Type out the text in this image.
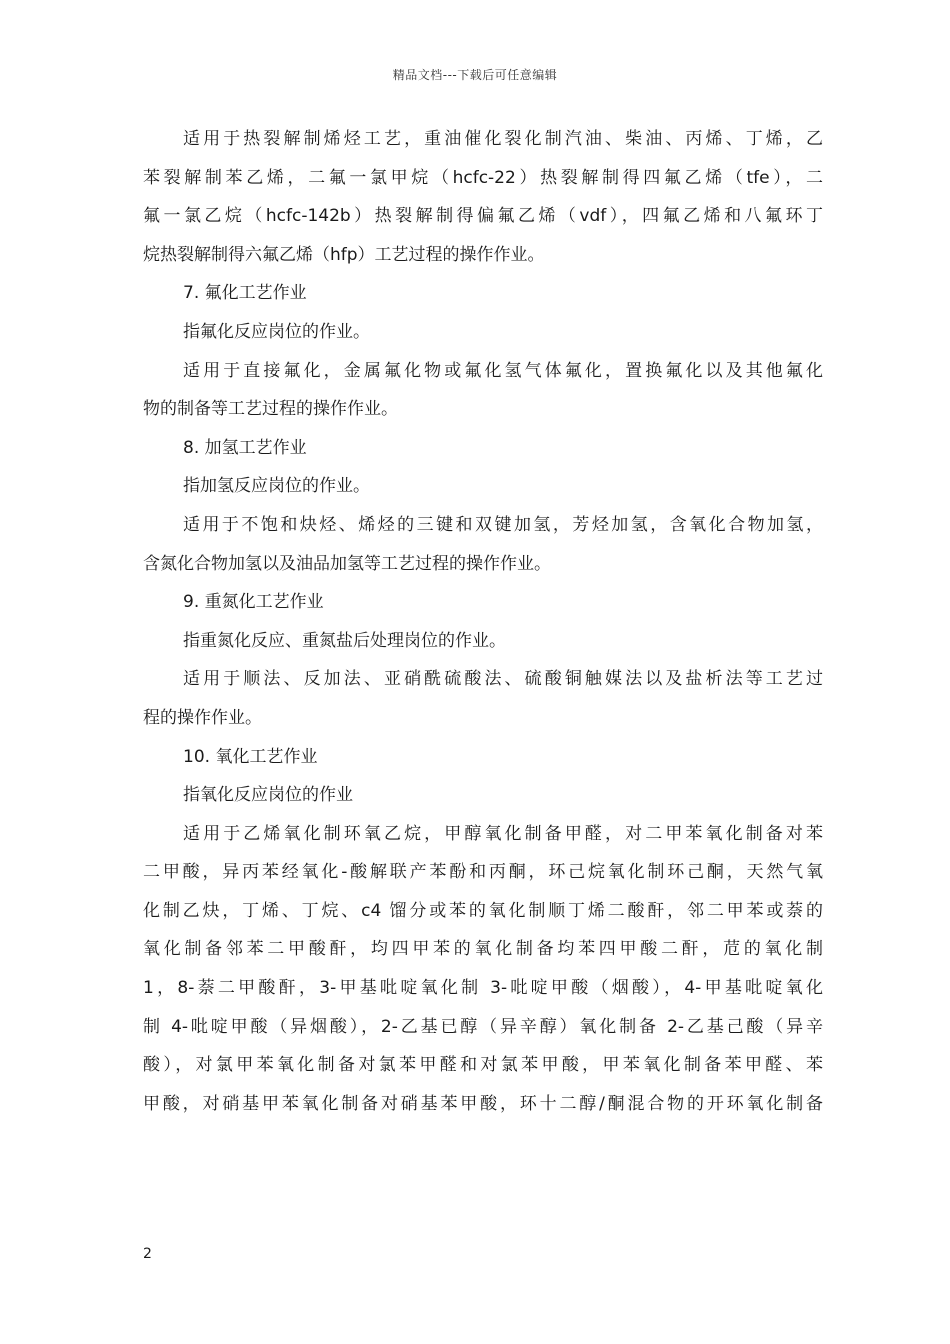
精品文档---下载后可任意编辑
适用于热裂解制烯烃工艺，重油催化裂化制汽油、柴油、丙烯、丁烯，乙
苯裂解制苯乙烯，二氟一氯甲烷（hcfc-22）热裂解制得四氟乙烯（tfe），二
氟一氯乙烷（hcfc-142b）热裂解制得偏氟乙烯（vdf），四氟乙烯和八氟环丁
烷热裂解制得六氟乙烯（hfp）工艺过程的操作作业。
7. 氟化工艺作业
指氟化反应岗位的作业。
适用于直接氟化，金属氟化物或氟化氢气体氟化，置换氟化以及其他氟化
物的制备等工艺过程的操作作业。
8. 加氢工艺作业
指加氢反应岗位的作业。
适用于不饱和炔烃、烯烃的三键和双键加氢，芳烃加氢，含氧化合物加氢，
含氮化合物加氢以及油品加氢等工艺过程的操作作业。
9. 重氮化工艺作业
指重氮化反应、重氮盐后处理岗位的作业。
适用于顺法、反加法、亚硝酰硫酸法、硫酸铜触媒法以及盐析法等工艺过
程的操作作业。
10. 氧化工艺作业
指氧化反应岗位的作业
适用于乙烯氧化制环氧乙烷，甲醇氧化制备甲醛，对二甲苯氧化制备对苯
二甲酸，异丙苯经氧化-酸解联产苯酚和丙酮，环己烷氧化制环己酮，天然气氧
化制乙炔，丁烯、丁烷、c4 馏分或苯的氧化制顺丁烯二酸酐，邻二甲苯或萘的
氧化制备邻苯二甲酸酐，均四甲苯的氧化制备均苯四甲酸二酐，苊的氧化制
1，8-萘二甲酸酐，3-甲基吡啶氧化制 3-吡啶甲酸（烟酸），4-甲基吡啶氧化
制 4-吡啶甲酸（异烟酸），2-乙基已醇（异辛醇）氧化制备 2-乙基己酸（异辛
酸），对氯甲苯氧化制备对氯苯甲醛和对氯苯甲酸，甲苯氧化制备苯甲醛、苯
甲酸，对硝基甲苯氧化制备对硝基苯甲酸，环十二醇/酮混合物的开环氧化制备
2
